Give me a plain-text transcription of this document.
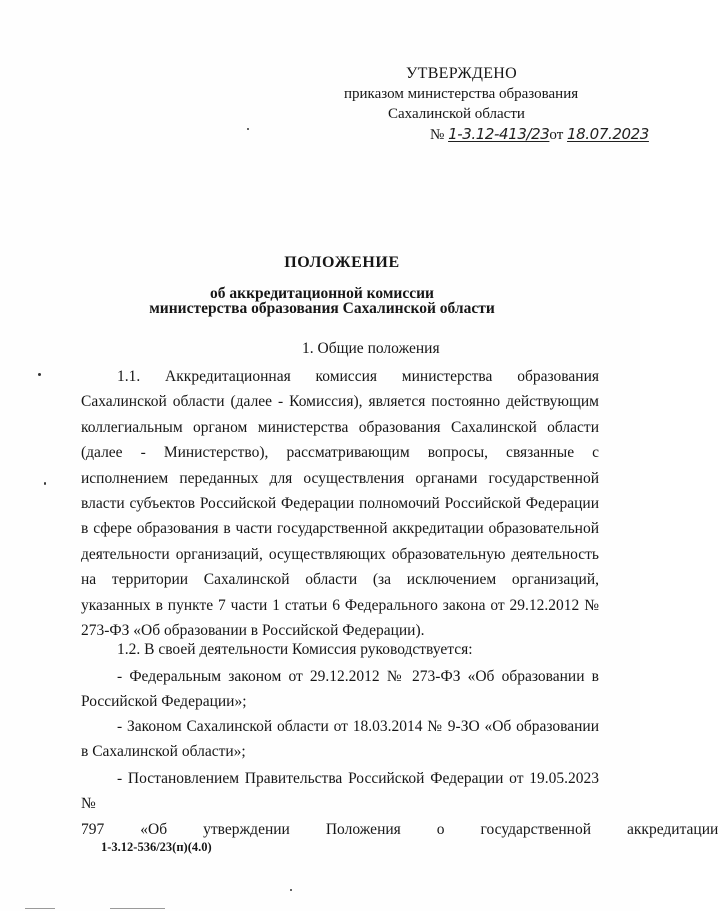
УТВЕРЖДЕНО
приказом министерства образования
Сахалинской области
№ 1-3.12-413/23от 18.07.2023
ПОЛОЖЕНИЕ
об аккредитационной комиссии
министерства образования Сахалинской области
1. Общие положения
1.1. Аккредитационная комиссия министерства образования Сахалинской области (далее - Комиссия), является постоянно действующим коллегиальным органом министерства образования Сахалинской области (далее - Министерство), рассматривающим вопросы, связанные с исполнением переданных для осуществления органами государственной власти субъектов Российской Федерации полномочий Российской Федерации в сфере образования в части государственной аккредитации образовательной деятельности организаций, осуществляющих образовательную деятельность на территории Сахалинской области (за исключением организаций, указанных в пункте 7 части 1 статьи 6 Федерального закона от 29.12.2012 № 273-ФЗ «Об образовании в Российской Федерации).
1.2. В своей деятельности Комиссия руководствуется:
- Федеральным законом от 29.12.2012 № 273-ФЗ «Об образовании в Российской Федерации»;
- Законом Сахалинской области от 18.03.2014 № 9-ЗО «Об образовании в Сахалинской области»;
- Постановлением Правительства Российской Федерации от 19.05.2023 №
797	«Об	утверждении	Положения	о	государственной	аккредитации
1-3.12-536/23(п)(4.0)
